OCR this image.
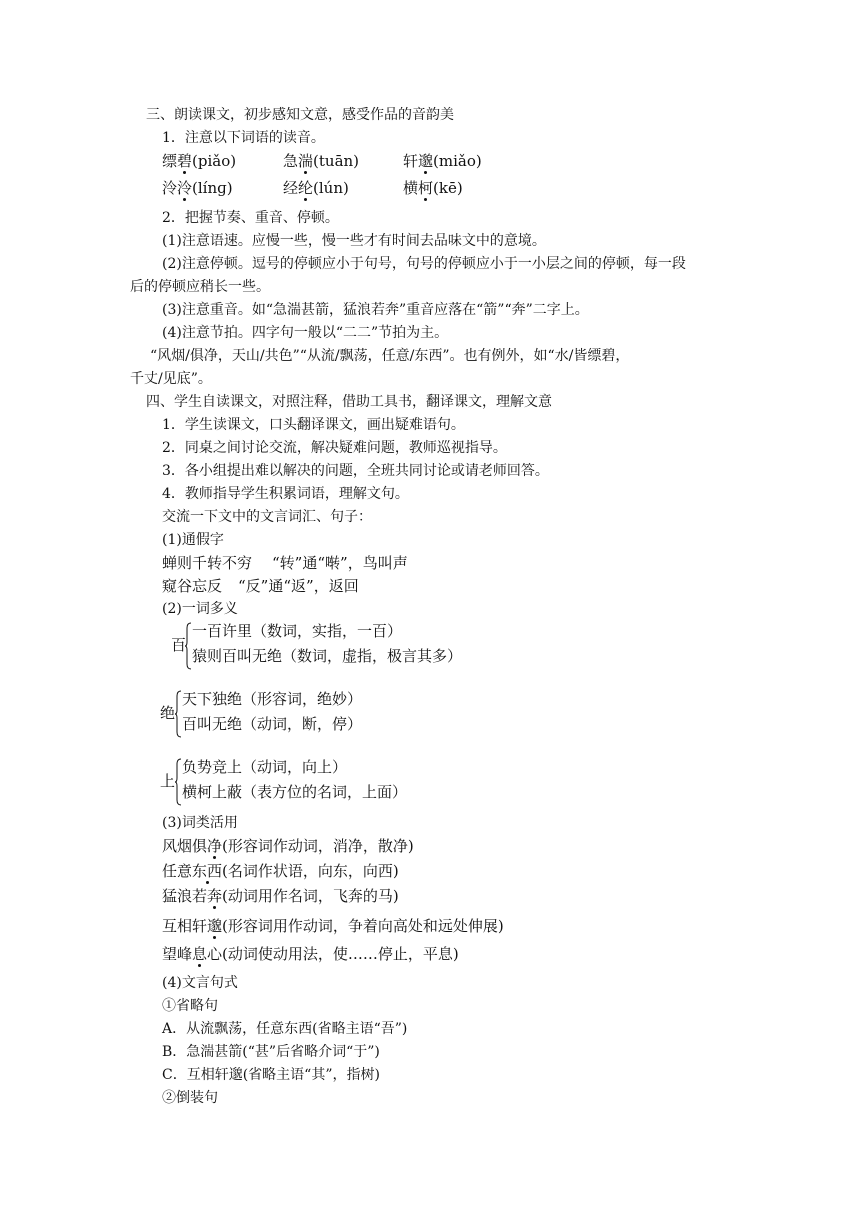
三、朗读课文，初步感知文意，感受作品的音韵美
1．注意以下词语的读音。
缥碧(piǎo)	急湍(tuān)	轩邈(miǎo)
泠泠(línɡ)	经纶(lún)	横柯(kē)
2．把握节奏、重音、停顿。
(1)注意语速。应慢一些，慢一些才有时间去品味文中的意境。
(2)注意停顿。逗号的停顿应小于句号，句号的停顿应小于一小层之间的停顿，每一段
后的停顿应稍长一些。
(3)注意重音。如“急湍甚箭，猛浪若奔”重音应落在“箭”“奔”二字上。
(4)注意节拍。四字句一般以“二二”节拍为主。
“风烟/俱净，天山/共色”“从流/飘荡，任意/东西”。也有例外，如“水/皆缥碧，
千丈/见底”。
四、学生自读课文，对照注释，借助工具书，翻译课文，理解文意
1．学生读课文，口头翻译课文，画出疑难语句。
2．同桌之间讨论交流，解决疑难问题，教师巡视指导。
3．各小组提出难以解决的问题，全班共同讨论或请老师回答。
4．教师指导学生积累词语，理解文句。
交流一下文中的文言词汇、句子：
(1)通假字
蝉则千转不穷 “转”通“啭”，鸟叫声
窥谷忘反 “反”通“返”，返回
(2)一词多义
百
一百许里（数词，实指，一百）
猿则百叫无绝（数词，虚指，极言其多）
绝
天下独绝（形容词，绝妙）
百叫无绝（动词，断，停）
上
负势竞上（动词，向上）
横柯上蔽（表方位的名词，上面）
(3)词类活用
风烟俱净(形容词作动词，消净，散净)
任意东西(名词作状语，向东，向西)
猛浪若奔(动词用作名词，飞奔的马)
互相轩邈(形容词用作动词，争着向高处和远处伸展)
望峰息心(动词使动用法，使……停止，平息)
(4)文言句式
①省略句
A．从流飘荡，任意东西(省略主语“吾”)
B．急湍甚箭(“甚”后省略介词“于”)
C．互相轩邈(省略主语“其”，指树)
②倒装句
